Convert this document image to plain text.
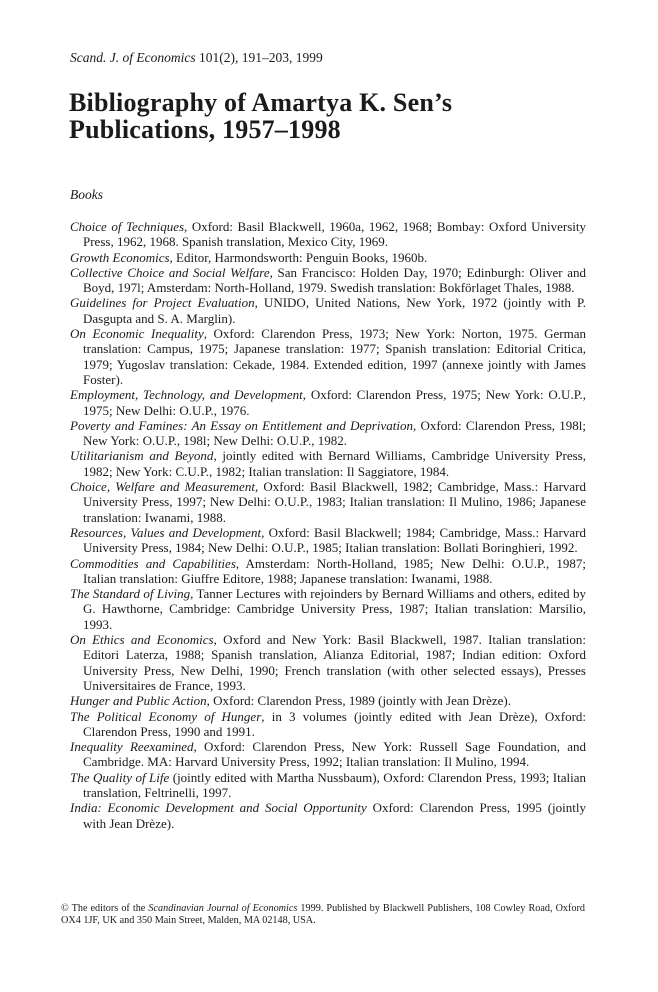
Scand. J. of Economics 101(2), 191–203, 1999

Bibliography of Amartya K. Sen’s
Publications, 1957–1998

Books

Choice of Techniques, Oxford: Basil Blackwell, 1960a, 1962, 1968; Bombay: Oxford University Press, 1962, 1968. Spanish translation, Mexico City, 1969.

Growth Economics, Editor, Harmondsworth: Penguin Books, 1960b.

Collective Choice and Social Welfare, San Francisco: Holden Day, 1970; Edinburgh: Oliver and Boyd, 197l; Amsterdam: North-Holland, 1979. Swedish translation: Bokförlaget Thales, 1988.

Guidelines for Project Evaluation, UNIDO, United Nations, New York, 1972 (jointly with P. Dasgupta and S. A. Marglin).

On Economic Inequality, Oxford: Clarendon Press, 1973; New York: Norton, 1975. German translation: Campus, 1975; Japanese translation: 1977; Spanish translation: Editorial Critica, 1979; Yugoslav translation: Cekade, 1984. Extended edition, 1997 (annexe jointly with James Foster).

Employment, Technology, and Development, Oxford: Clarendon Press, 1975; New York: O.U.P., 1975; New Delhi: O.U.P., 1976.

Poverty and Famines: An Essay on Entitlement and Deprivation, Oxford: Clarendon Press, 198l; New York: O.U.P., 198l; New Delhi: O.U.P., 1982.

Utilitarianism and Beyond, jointly edited with Bernard Williams, Cambridge University Press, 1982; New York: C.U.P., 1982; Italian translation: Il Saggiatore, 1984.

Choice, Welfare and Measurement, Oxford: Basil Blackwell, 1982; Cambridge, Mass.: Harvard University Press, 1997; New Delhi: O.U.P., 1983; Italian translation: Il Mulino, 1986; Japanese translation: Iwanami, 1988.

Resources, Values and Development, Oxford: Basil Blackwell; 1984; Cambridge, Mass.: Harvard University Press, 1984; New Delhi: O.U.P., 1985; Italian translation: Bollati Boringhieri, 1992.

Commodities and Capabilities, Amsterdam: North-Holland, 1985; New Delhi: O.U.P., 1987; Italian translation: Giuffre Editore, 1988; Japanese translation: Iwanami, 1988.

The Standard of Living, Tanner Lectures with rejoinders by Bernard Williams and others, edited by G. Hawthorne, Cambridge: Cambridge University Press, 1987; Italian translation: Marsilio, 1993.

On Ethics and Economics, Oxford and New York: Basil Blackwell, 1987. Italian translation: Editori Laterza, 1988; Spanish translation, Alianza Editorial, 1987; Indian edition: Oxford University Press, New Delhi, 1990; French translation (with other selected essays), Presses Universitaires de France, 1993.

Hunger and Public Action, Oxford: Clarendon Press, 1989 (jointly with Jean Drèze).

The Political Economy of Hunger, in 3 volumes (jointly edited with Jean Drèze), Oxford: Clarendon Press, 1990 and 1991.

Inequality Reexamined, Oxford: Clarendon Press, New York: Russell Sage Foundation, and Cambridge. MA: Harvard University Press, 1992; Italian translation: Il Mulino, 1994.

The Quality of Life (jointly edited with Martha Nussbaum), Oxford: Clarendon Press, 1993; Italian translation, Feltrinelli, 1997.

India: Economic Development and Social Opportunity Oxford: Clarendon Press, 1995 (jointly with Jean Drèze).

© The editors of the Scandinavian Journal of Economics 1999. Published by Blackwell Publishers, 108 Cowley Road, Oxford OX4 1JF, UK and 350 Main Street, Malden, MA 02148, USA.
